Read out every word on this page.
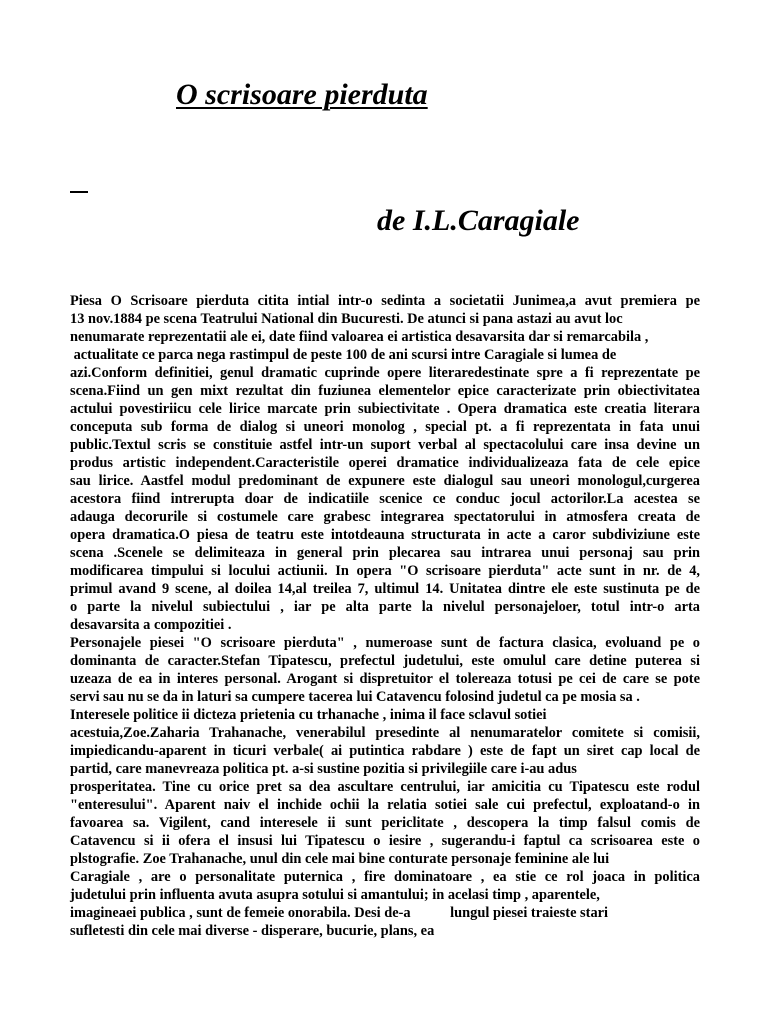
O scrisoare pierduta
de I.L.Caragiale
Piesa O Scrisoare pierduta citita intial intr-o sedinta a societatii Junimea,a avut premiera pe
13 nov.1884 pe scena Teatrului National din Bucuresti. De atunci si pana astazi au avut loc
nenumarate reprezentatii ale ei, date fiind valoarea ei artistica desavarsita dar si remarcabila ,
actualitate ce parca nega rastimpul de peste 100 de ani scursi intre Caragiale si lumea de
azi.Conform definitiei, genul dramatic cuprinde opere literaredestinate spre a fi reprezentate pe
scena.Fiind un gen mixt rezultat din fuziunea elementelor epice caracterizate prin obiectivitatea
actului povestiriicu cele lirice marcate prin subiectivitate . Opera dramatica este creatia literara
conceputa sub forma de dialog si uneori monolog , special pt. a fi reprezentata in fata unui
public.Textul scris se constituie astfel intr-un suport verbal al spectacolului care insa devine un
produs artistic independent.Caracteristile operei dramatice individualizeaza fata de cele epice
sau lirice. Aastfel modul predominant de expunere este dialogul sau uneori monologul,curgerea
acestora fiind intrerupta doar de indicatiile scenice ce conduc jocul actorilor.La acestea se
adauga decorurile si costumele care grabesc integrarea spectatorului in atmosfera creata de
opera dramatica.O piesa de teatru este intotdeauna structurata in acte a caror subdiviziune este
scena .Scenele se delimiteaza in general prin plecarea sau intrarea unui personaj sau prin
modificarea timpului si locului actiunii. In opera "O scrisoare pierduta" acte sunt in nr. de 4,
primul avand 9 scene, al doilea 14,al treilea 7, ultimul 14. Unitatea dintre ele este sustinuta pe de
o parte la nivelul subiectului , iar pe alta parte la nivelul personajeloer, totul intr-o arta
desavarsita a compozitiei .
Personajele piesei "O scrisoare pierduta" , numeroase sunt de factura clasica, evoluand pe o
dominanta de caracter.Stefan Tipatescu, prefectul judetului, este omulul care detine puterea si
uzeaza de ea in interes personal. Arogant si dispretuitor el tolereaza totusi pe cei de care se pote
servi sau nu se da in laturi sa cumpere tacerea lui Catavencu folosind judetul ca pe mosia sa .
Interesele politice ii dicteza prietenia cu trhanache , inima il face sclavul sotiei
acestuia,Zoe.Zaharia Trahanache, venerabilul presedinte al nenumaratelor comitete si comisii,
impiedicandu-aparent in ticuri verbale( ai putintica rabdare ) este de fapt un siret cap local de
partid, care manevreaza politica pt. a-si sustine pozitia si privilegiile care i-au adus
prosperitatea. Tine cu orice pret sa dea ascultare centrului, iar amicitia cu Tipatescu este rodul
"enteresului". Aparent naiv el inchide ochii la relatia sotiei sale cui prefectul, exploatand-o in
favoarea sa. Vigilent, cand interesele ii sunt periclitate , descopera la timp falsul comis de
Catavencu si ii ofera el insusi lui Tipatescu o iesire , sugerandu-i faptul ca scrisoarea este o
plstografie. Zoe Trahanache, unul din cele mai bine conturate personaje feminine ale lui
Caragiale , are o personalitate puternica , fire dominatoare , ea stie ce rol joaca in politica
judetului prin influenta avuta asupra sotului si amantului; in acelasi timp , aparentele,
imagineaei publica , sunt de femeie onorabila. Desi de-a           lungul piesei traieste stari
sufletesti din cele mai diverse - disperare, bucurie, plans, ea
